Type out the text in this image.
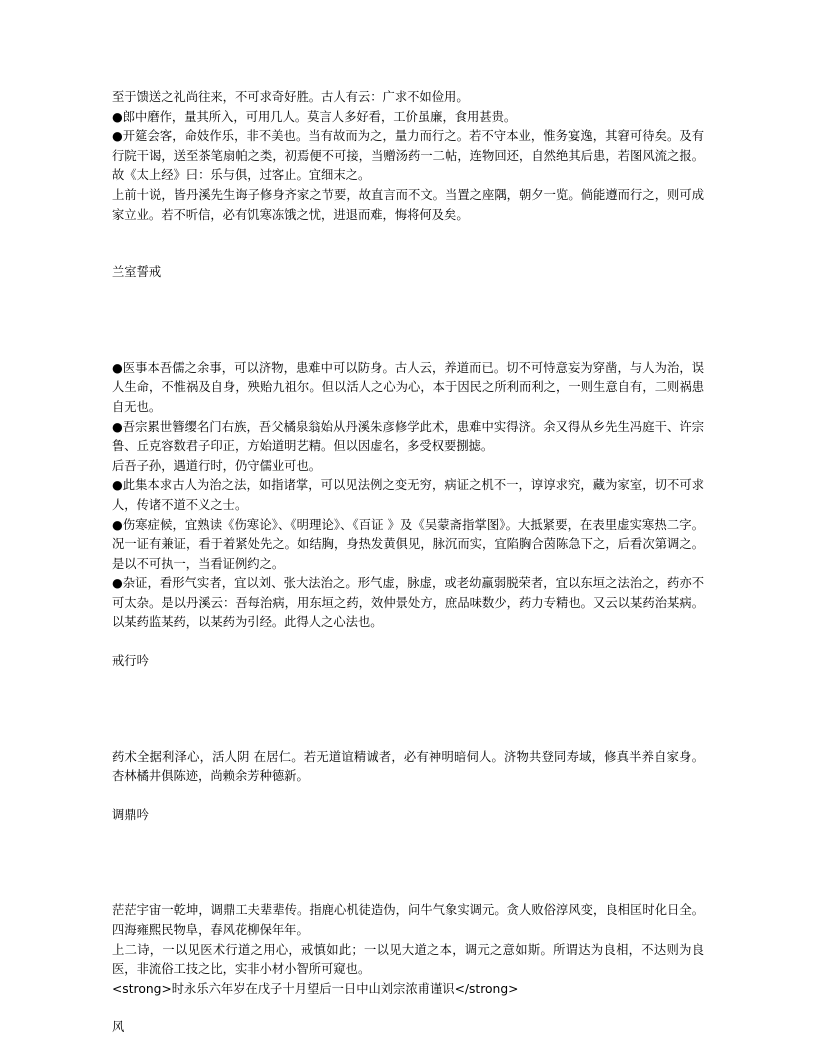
至于馈送之礼尚往来，不可求奇好胜。古人有云：广求不如俭用。

●郎中磨作，量其所入，可用几人。莫言人多好看，工价虽廉，食用甚贵。

●开筵会客，命妓作乐，非不美也。当有故而为之，量力而行之。若不守本业，惟务宴逸，其窘可待矣。及有行院干谒，送至茶笔扇帕之类，初焉便不可接，当赠汤药一二帖，连物回还，自然绝其后患，若图风流之报。故《太上经》曰：乐与俱，过客止。宜细末之。

上前十说，皆丹溪先生诲子修身齐家之节要，故直言而不文。当置之座隅，朝夕一览。倘能遵而行之，则可成家立业。若不听信，必有饥寒冻饿之忧，进退而难，悔将何及矣。

兰室誓戒

●医事本吾儒之余事，可以济物，患难中可以防身。古人云，养道而已。切不可恃意妄为穿凿，与人为治，误人生命，不惟祸及自身，殃贻九祖尔。但以活人之心为心，本于因民之所利而利之，一则生意自有，二则祸患自无也。

●吾宗累世簪缨名门右族，吾父橘泉翁始从丹溪朱彦修学此术，患难中实得济。余又得从乡先生冯庭干、许宗鲁、丘克容数君子印正，方始道明艺精。但以因虚名，多受权要捌摅。

后吾子孙，遇道行时，仍守儒业可也。

●此集本求古人为治之法，如指诸掌，可以见法例之变无穷，病证之机不一，谆谆求究，藏为家室，切不可求人，传诸不道不义之士。

●伤寒症候，宜熟读《伤寒论》、《明理论》、《百证 》及《吴蒙斋指掌图》。大抵紧要，在表里虚实寒热二字。况一证有兼证，看于着紧处先之。如结胸，身热发黄俱见，脉沉而实，宜陷胸合茵陈急下之，后看次第调之。是以不可执一，当看证例约之。

●杂证，看形气实者，宜以刘、张大法治之。形气虚，脉虚，或老幼羸弱脱荣者，宜以东垣之法治之，药亦不可太杂。是以丹溪云：吾每治病，用东垣之药，效仲景处方，庶品味数少，药力专精也。又云以某药治某病。以某药监某药，以某药为引经。此得人之心法也。

戒行吟

药术全据利泽心，活人阴 在居仁。若无道谊精诚者，必有神明暗伺人。济物共登同寿域，修真半养自家身。杏林橘井俱陈迹，尚赖余芳种德新。

调鼎吟

茫茫宇宙一乾坤，调鼎工夫辈辈传。指鹿心机徒造伪，问牛气象实调元。贪人败俗淳风变，良相匡时化日全。四海雍熙民物阜，春风花柳保年年。

上二诗，一以见医术行道之用心，戒慎如此；一以见大道之本，调元之意如斯。所谓达为良相，不达则为良医，非流俗工技之比，实非小材小智所可窥也。

<strong>时永乐六年岁在戊子十月望后一日中山刘宗浓甫谨识</strong>

风
